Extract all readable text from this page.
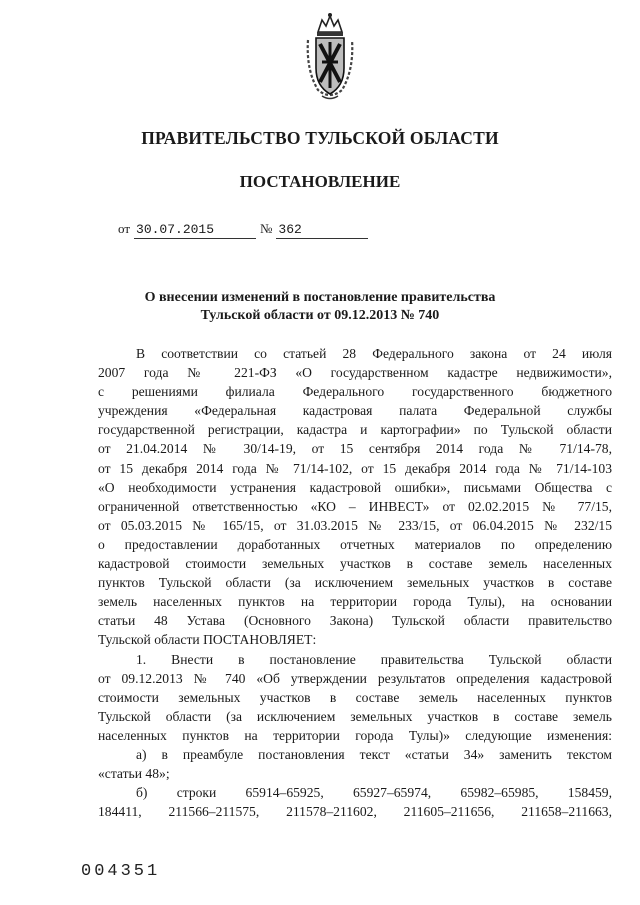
ПРАВИТЕЛЬСТВО ТУЛЬСКОЙ ОБЛАСТИ
ПОСТАНОВЛЕНИЕ
от 30.07.2015	№ 362
О внесении изменений в постановление правительства
Тульской области от 09.12.2013 № 740
В соответствии со статьей 28 Федерального закона от 24 июля
2007 года № 221-ФЗ «О государственном кадастре недвижимости»,
с решениями филиала Федерального государственного бюджетного
учреждения «Федеральная кадастровая палата Федеральной службы
государственной регистрации, кадастра и картографии» по Тульской области
от 21.04.2014 № 30/14-19, от 15 сентября 2014 года № 71/14-78,
от 15 декабря 2014 года № 71/14-102, от 15 декабря 2014 года № 71/14-103
«О необходимости устранения кадастровой ошибки», письмами Общества с
ограниченной ответственностью «КО – ИНВЕСТ» от 02.02.2015 № 77/15,
от 05.03.2015 № 165/15, от 31.03.2015 № 233/15, от 06.04.2015 № 232/15
о предоставлении доработанных отчетных материалов по определению
кадастровой стоимости земельных участков в составе земель населенных
пунктов Тульской области (за исключением земельных участков в составе
земель населенных пунктов на территории города Тулы), на основании
статьи 48 Устава (Основного Закона) Тульской области правительство
Тульской области ПОСТАНОВЛЯЕТ:
1. Внести в постановление правительства Тульской области
от 09.12.2013 № 740 «Об утверждении результатов определения кадастровой
стоимости земельных участков в составе земель населенных пунктов
Тульской области (за исключением земельных участков в составе земель
населенных пунктов на территории города Тулы)» следующие изменения:
а) в преамбуле постановления текст «статьи 34» заменить текстом
«статьи 48»;
б) строки 65914–65925, 65927–65974, 65982–65985, 158459,
184411, 211566–211575, 211578–211602, 211605–211656, 211658–211663,
004351
